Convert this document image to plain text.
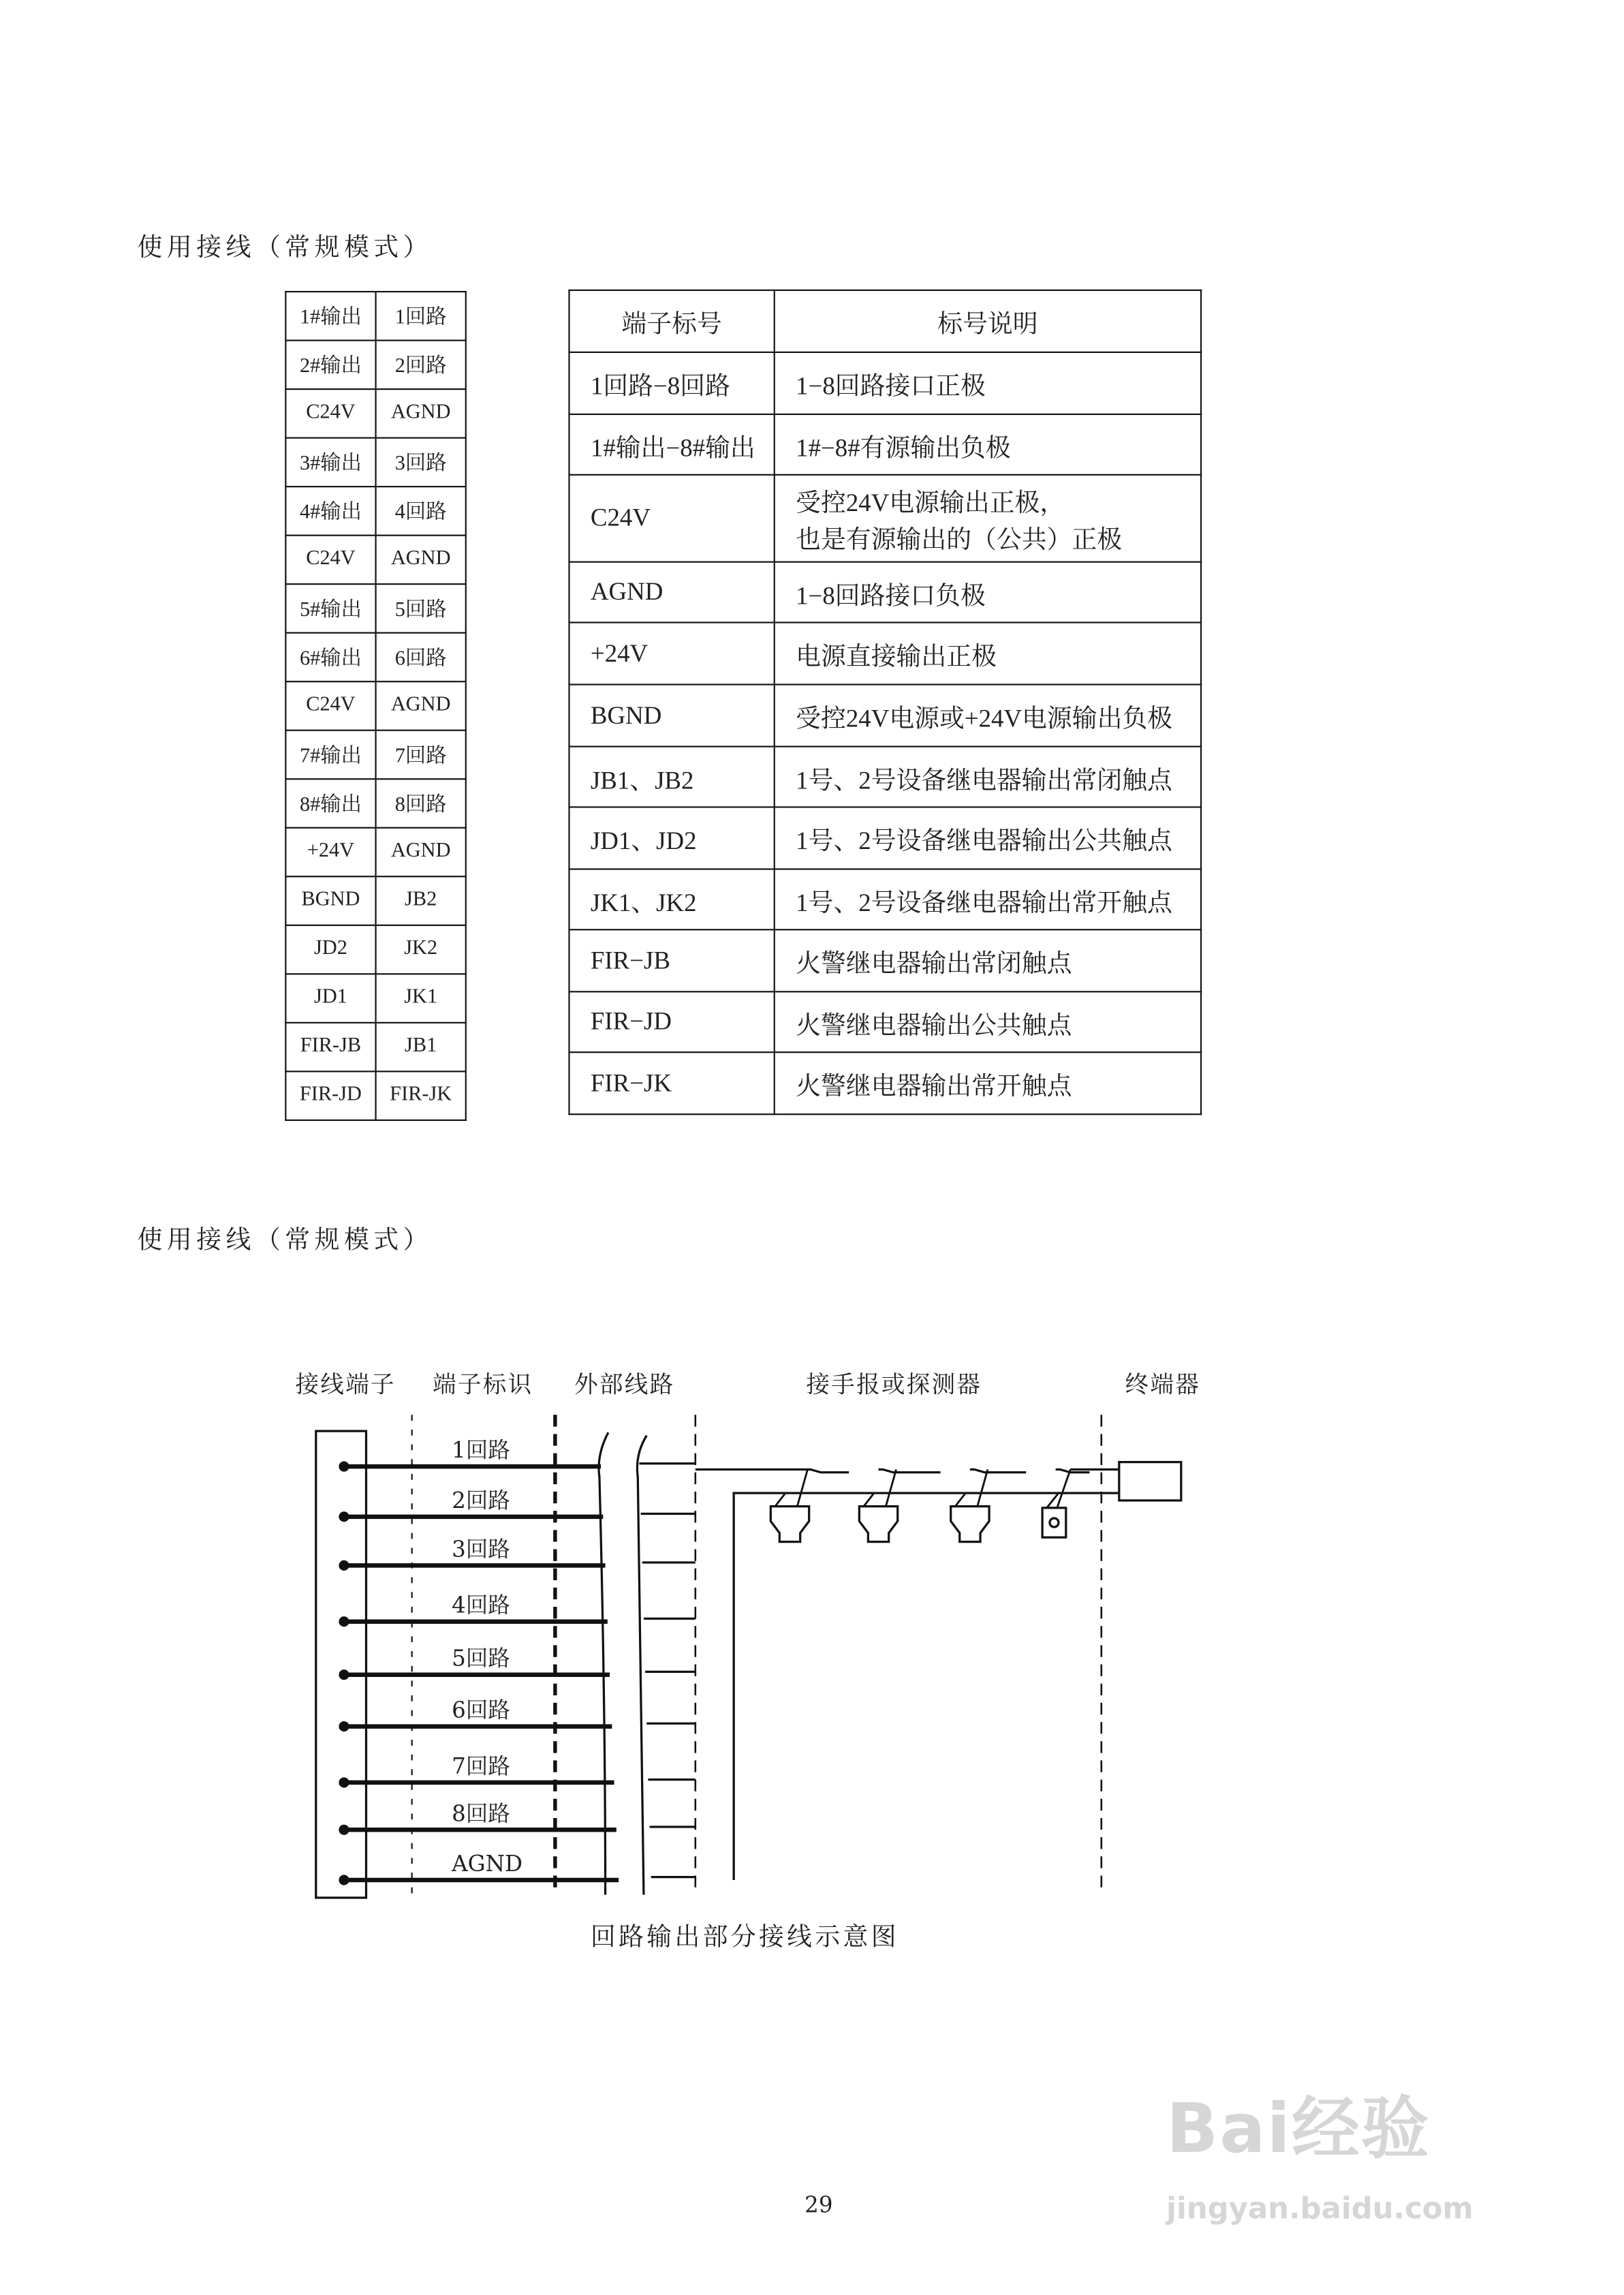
使用接线（常规模式）
1#输出	1回路
2#输出	2回路
C24V	AGND
3#输出	3回路
4#输出	4回路
C24V	AGND
5#输出	5回路
6#输出	6回路
C24V	AGND
7#输出	7回路
8#输出	8回路
+24V	AGND
BGND	JB2
JD2	JK2
JD1	JK1
FIR-JB	JB1
FIR-JD	FIR-JK
端子标号	标号说明
1回路−8回路	1−8回路接口正极
1#输出−8#输出	1#−8#有源输出负极
C24V	受控24V电源输出正极，
也是有源输出的（公共）正极
AGND	1−8回路接口负极
+24V	电源直接输出正极
BGND	受控24V电源或+24V电源输出负极
JB1、JB2	1号、2号设备继电器输出常闭触点
JD1、JD2	1号、2号设备继电器输出公共触点
JK1、JK2	1号、2号设备继电器输出常开触点
FIR−JB	火警继电器输出常闭触点
FIR−JD	火警继电器输出公共触点
FIR−JK	火警继电器输出常开触点
使用接线（常规模式）
接线端子	端子标识	外部线路	接手报或探测器	终端器
1回路
2回路
3回路
4回路
5回路
6回路
7回路
8回路
AGND
回路输出部分接线示意图
29
Bai经验
jingyan.baidu.com
